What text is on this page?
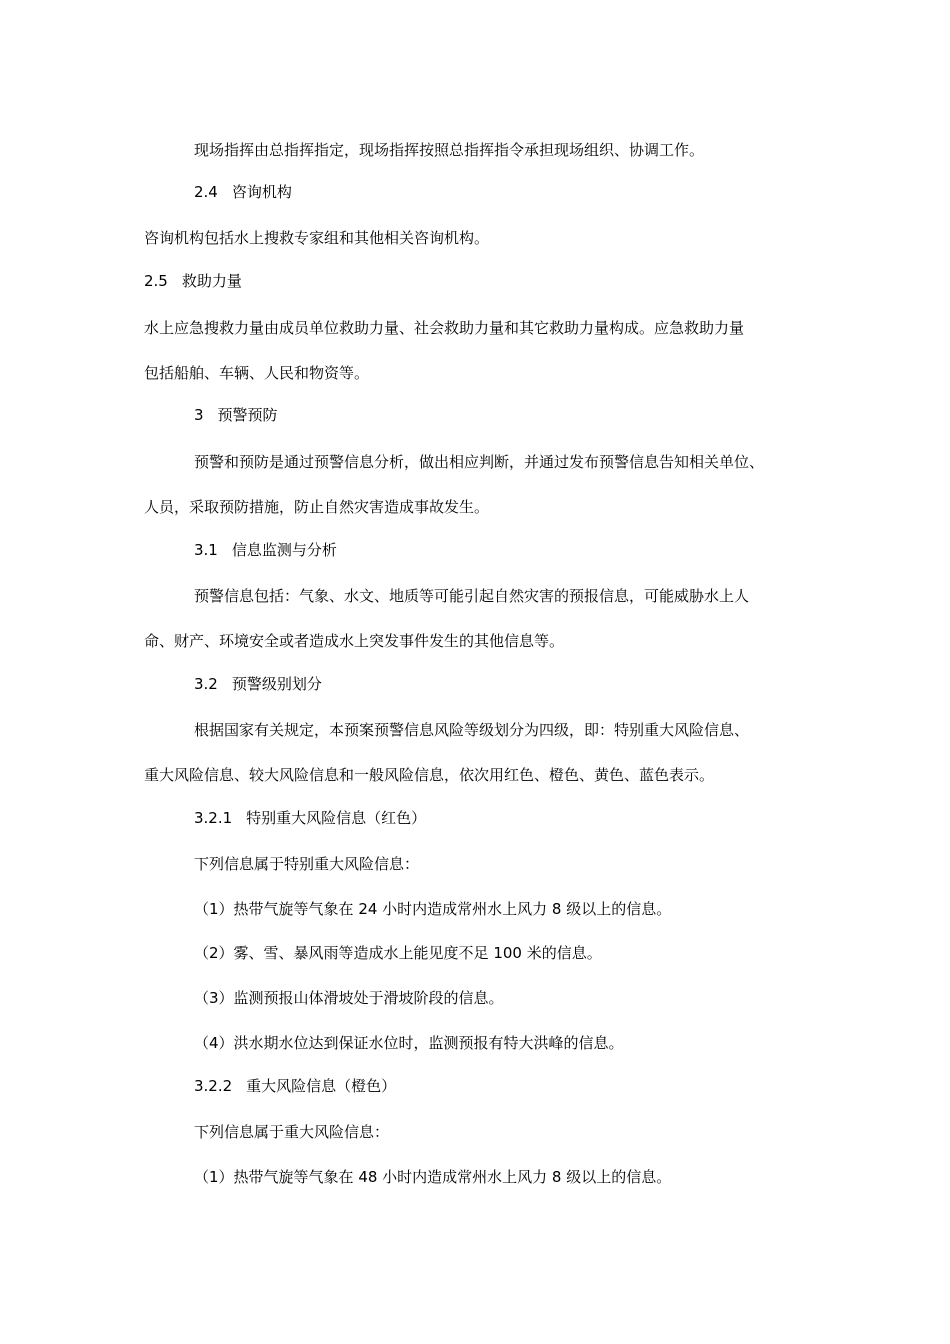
现场指挥由总指挥指定，现场指挥按照总指挥指令承担现场组织、协调工作。
2.4 咨询机构
咨询机构包括水上搜救专家组和其他相关咨询机构。
2.5 救助力量
水上应急搜救力量由成员单位救助力量、社会救助力量和其它救助力量构成。应急救助力量
包括船舶、车辆、人民和物资等。
3 预警预防
预警和预防是通过预警信息分析，做出相应判断，并通过发布预警信息告知相关单位、
人员，采取预防措施，防止自然灾害造成事故发生。
3.1 信息监测与分析
预警信息包括：气象、水文、地质等可能引起自然灾害的预报信息，可能威胁水上人
命、财产、环境安全或者造成水上突发事件发生的其他信息等。
3.2 预警级别划分
根据国家有关规定，本预案预警信息风险等级划分为四级，即：特别重大风险信息、
重大风险信息、较大风险信息和一般风险信息，依次用红色、橙色、黄色、蓝色表示。
3.2.1 特别重大风险信息（红色）
下列信息属于特别重大风险信息：
（1）热带气旋等气象在 24 小时内造成常州水上风力 8 级以上的信息。
（2）雾、雪、暴风雨等造成水上能见度不足 100 米的信息。
（3）监测预报山体滑坡处于滑坡阶段的信息。
（4）洪水期水位达到保证水位时，监测预报有特大洪峰的信息。
3.2.2 重大风险信息（橙色）
下列信息属于重大风险信息：
（1）热带气旋等气象在 48 小时内造成常州水上风力 8 级以上的信息。
